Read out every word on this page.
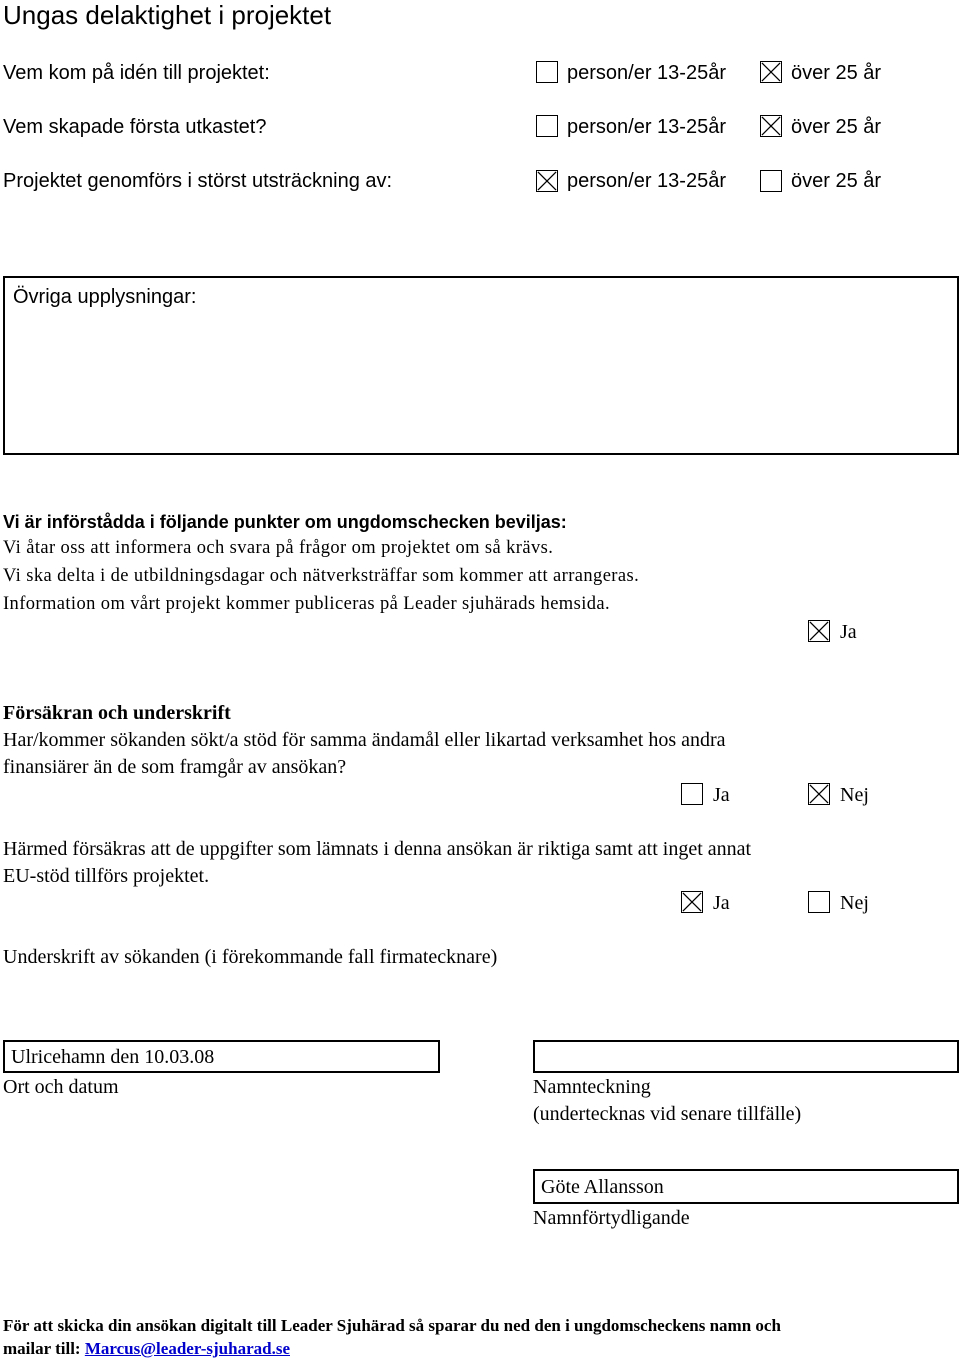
Ungas delaktighet i projektet
Vem kom på idén till projektet:	person/er 13-25år	över 25 år
Vem skapade första utkastet?	person/er 13-25år	över 25 år
Projektet genomförs i störst utsträckning av:	person/er 13-25år	över 25 år
Övriga upplysningar:
Vi är införstådda i följande punkter om ungdomschecken beviljas:
Vi åtar oss att informera och svara på frågor om projektet om så krävs.
Vi ska delta i de utbildningsdagar och nätverksträffar som kommer att arrangeras.
Information om vårt projekt kommer publiceras på Leader sjuhärads hemsida.
Ja
Försäkran och underskrift
Har/kommer sökanden sökt/a stöd för samma ändamål eller likartad verksamhet hos andra
finansiärer än de som framgår av ansökan?
Ja	Nej
Härmed försäkras att de uppgifter som lämnats i denna ansökan är riktiga samt att inget annat
EU-stöd tillförs projektet.
Ja	Nej
Underskrift av sökanden (i förekommande fall firmatecknare)
Ulricehamn den 10.03.08
Ort och datum	Namnteckning
(undertecknas vid senare tillfälle)
Göte Allansson
Namnförtydligande
För att skicka din ansökan digitalt till Leader Sjuhärad så sparar du ned den i ungdomscheckens namn och
mailar till: Marcus@leader-sjuharad.se
